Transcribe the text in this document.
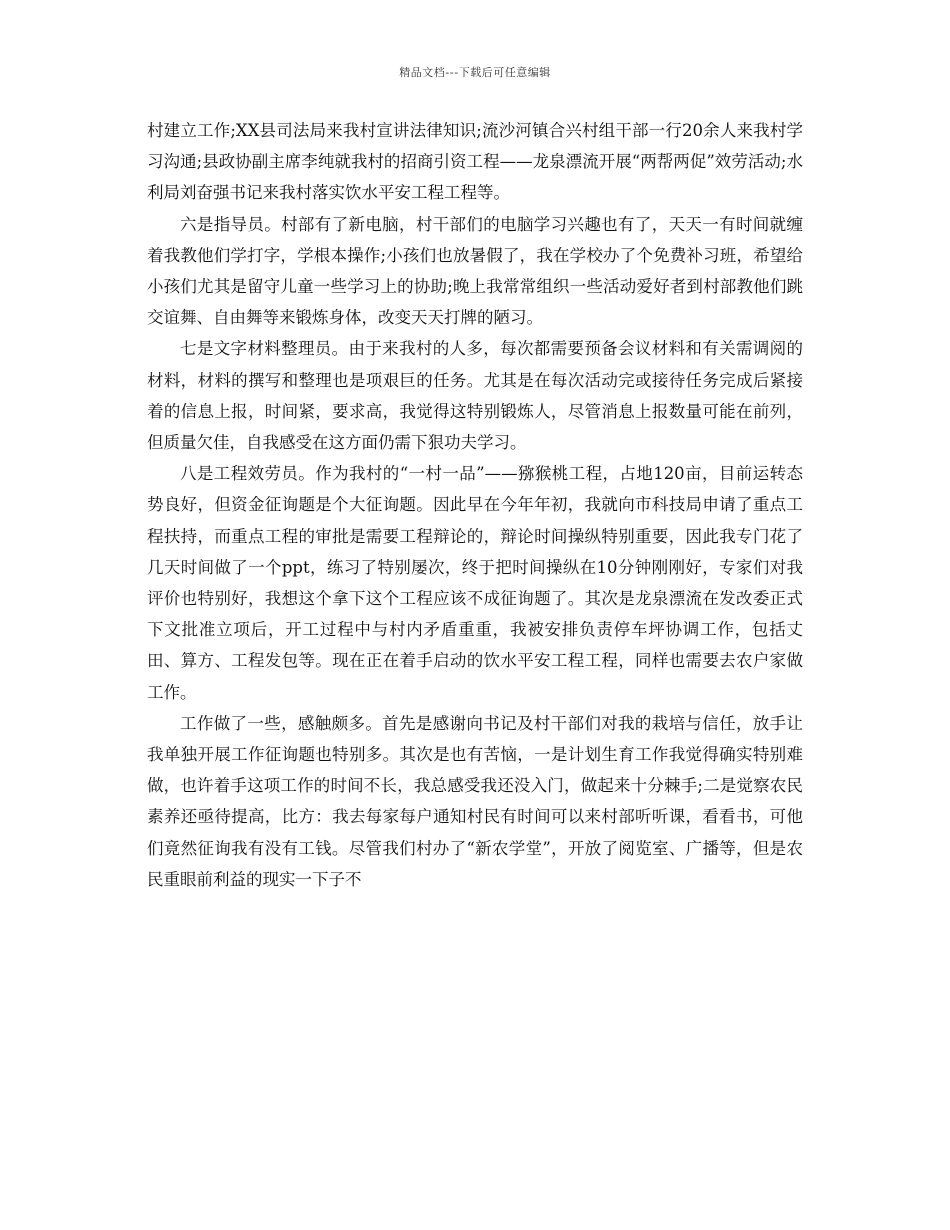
精品文档---下载后可任意编辑

村建立工作;XX县司法局来我村宣讲法律知识;流沙河镇合兴村组干部一行20余人来我村学习沟通;县政协副主席李纯就我村的招商引资工程——龙泉漂流开展“两帮两促”效劳活动;水利局刘奋强书记来我村落实饮水平安工程工程等。

六是指导员。村部有了新电脑，村干部们的电脑学习兴趣也有了，天天一有时间就缠着我教他们学打字，学根本操作;小孩们也放暑假了，我在学校办了个免费补习班，希望给小孩们尤其是留守儿童一些学习上的协助;晚上我常常组织一些活动爱好者到村部教他们跳交谊舞、自由舞等来锻炼身体，改变天天打牌的陋习。

七是文字材料整理员。由于来我村的人多，每次都需要预备会议材料和有关需调阅的材料，材料的撰写和整理也是项艰巨的任务。尤其是在每次活动完或接待任务完成后紧接着的信息上报，时间紧，要求高，我觉得这特别锻炼人，尽管消息上报数量可能在前列，但质量欠佳，自我感受在这方面仍需下狠功夫学习。

八是工程效劳员。作为我村的“一村一品”——猕猴桃工程，占地120亩，目前运转态势良好，但资金征询题是个大征询题。因此早在今年年初，我就向市科技局申请了重点工程扶持，而重点工程的审批是需要工程辩论的，辩论时间操纵特别重要，因此我专门花了几天时间做了一个ppt，练习了特别屡次，终于把时间操纵在10分钟刚刚好，专家们对我评价也特别好，我想这个拿下这个工程应该不成征询题了。其次是龙泉漂流在发改委正式下文批准立项后，开工过程中与村内矛盾重重，我被安排负责停车坪协调工作，包括丈田、算方、工程发包等。现在正在着手启动的饮水平安工程工程，同样也需要去农户家做工作。

工作做了一些，感触颇多。首先是感谢向书记及村干部们对我的栽培与信任，放手让我单独开展工作征询题也特别多。其次是也有苦恼，一是计划生育工作我觉得确实特别难做，也许着手这项工作的时间不长，我总感受我还没入门，做起来十分棘手;二是觉察农民素养还亟待提高，比方：我去每家每户通知村民有时间可以来村部听听课，看看书，可他们竟然征询我有没有工钱。尽管我们村办了“新农学堂”，开放了阅览室、广播等，但是农民重眼前利益的现实一下子不
